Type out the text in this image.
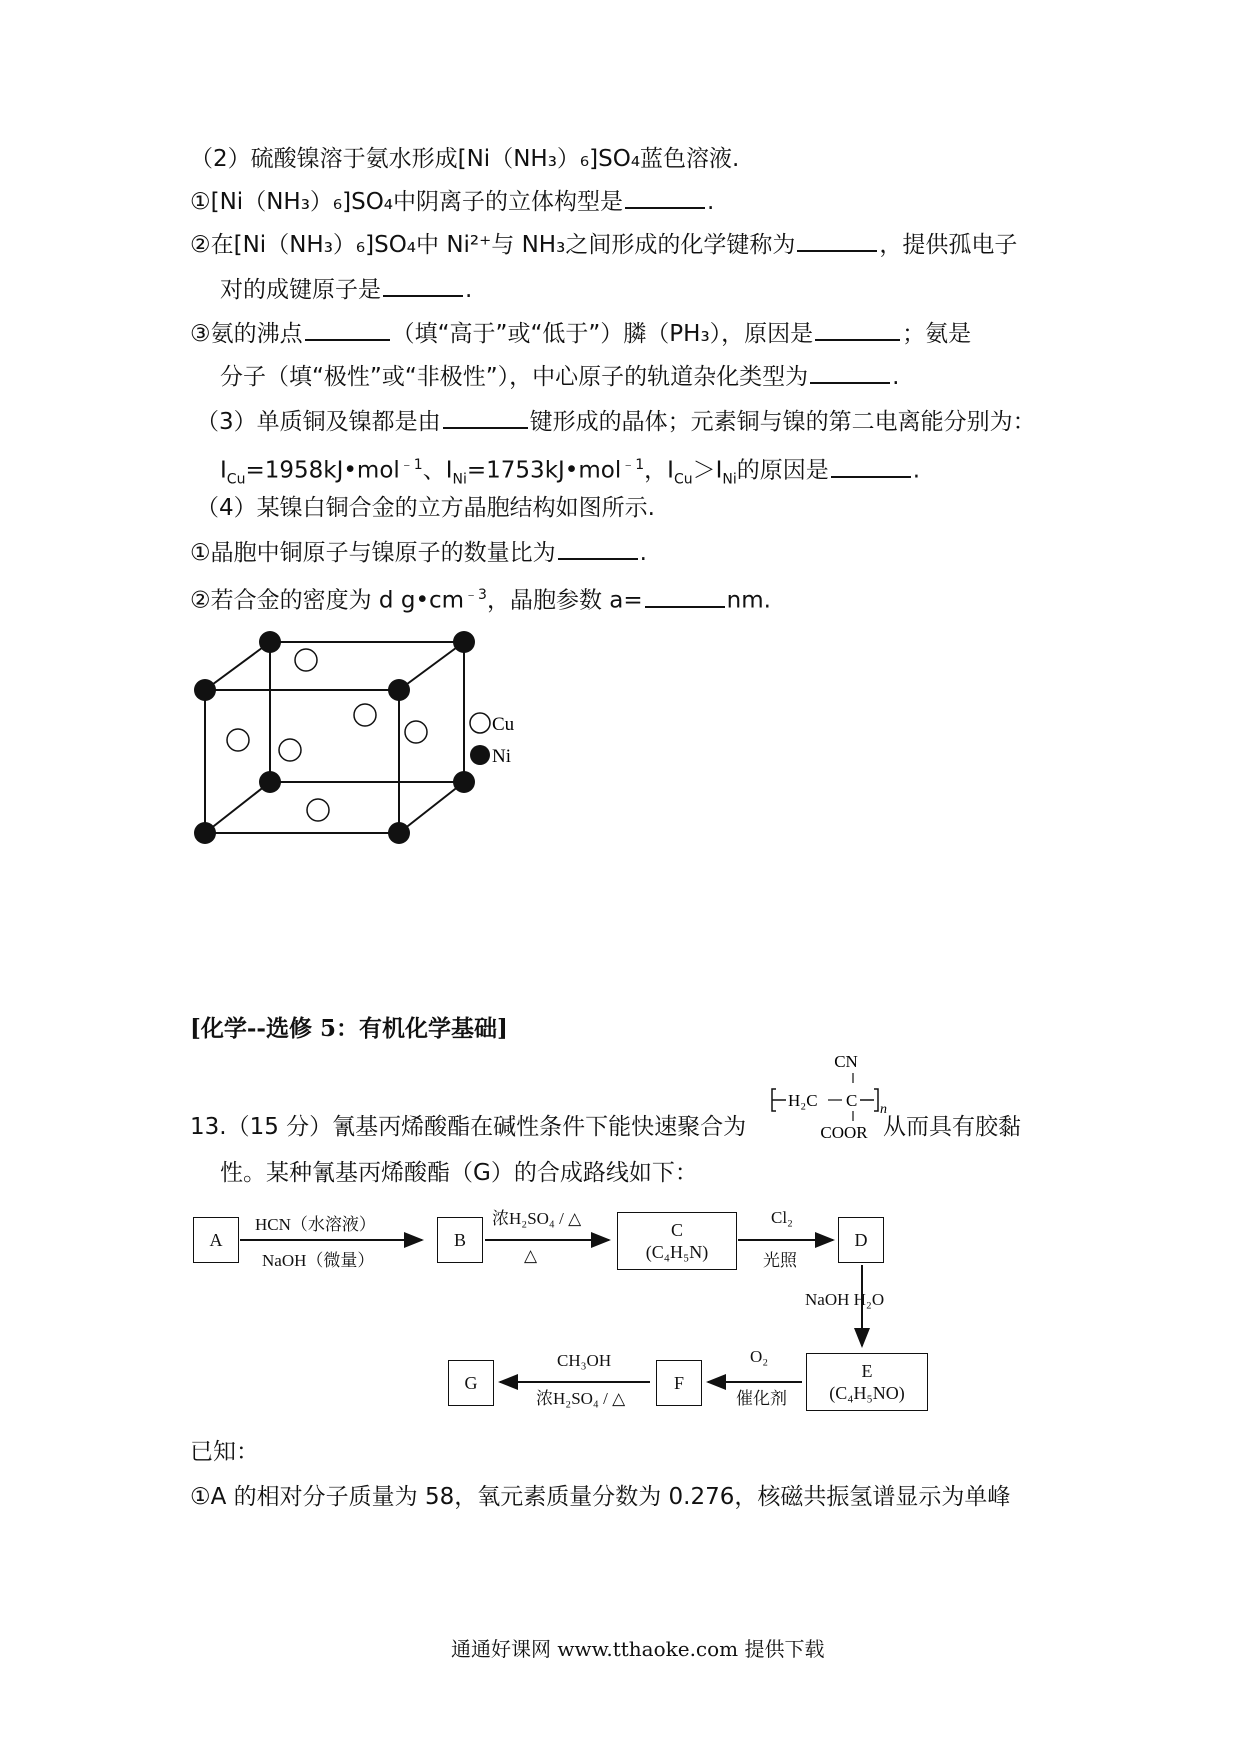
（2）硫酸镍溶于氨水形成[Ni（NH₃）₆]SO₄蓝色溶液.
①[Ni（NH₃）₆]SO₄中阴离子的立体构型是	.
②在[Ni（NH₃）₆]SO₄中 Ni²⁺与 NH₃之间形成的化学键称为	，提供孤电子
对的成键原子是	.
③氨的沸点	（填“高于”或“低于”）膦（PH₃），原因是	；氨是
分子（填“极性”或“非极性”），中心原子的轨道杂化类型为	.
（3）单质铜及镍都是由	键形成的晶体；元素铜与镍的第二电离能分别为：
$I_{Cu}=1958kJ•mol^{﹣1}$、$I_{Ni}=1753kJ•mol^{﹣1}$，$I_{Cu}>I_{Ni}$的原因是	.
（4）某镍白铜合金的立方晶胞结构如图所示.
①晶胞中铜原子与镍原子的数量比为	.
②若合金的密度为 d $g•cm^{﹣3}$，晶胞参数 a=	nm.
Cu
Ni
[化学--选修 5：有机化学基础]
13.（15 分）氰基丙烯酸酯在碱性条件下能快速聚合为
CN
H₂C C n
COOR 从而具有胶黏
性。某种氰基丙烯酸酯（G）的合成路线如下：
A
HCN（水溶液）
NaOH（微量）
B
浓H₂SO₄ / △
△
C
(C₄H₅N)
Cl₂
光照
D
NaOH H₂O
E
(C₄H₅NO)
O₂
催化剂
F
CH₃OH
浓H₂SO₄ / △
G
已知：
①A 的相对分子质量为 58，氧元素质量分数为 0.276，核磁共振氢谱显示为单峰
通通好课网 www.tthaoke.com 提供下载
